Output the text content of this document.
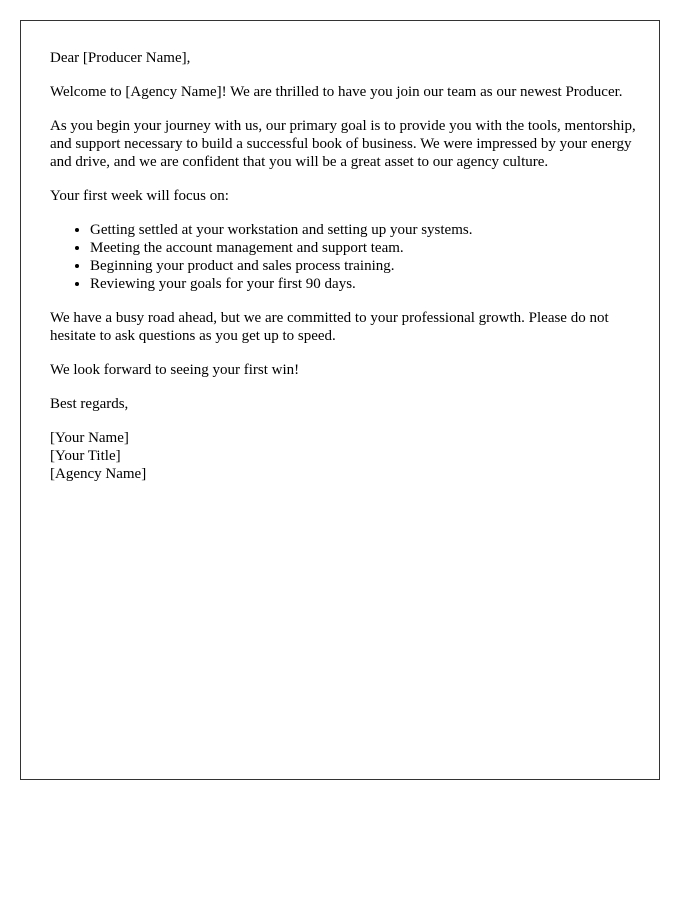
Dear [Producer Name],

Welcome to [Agency Name]! We are thrilled to have you join our team as our newest Producer.

As you begin your journey with us, our primary goal is to provide you with the tools, mentorship, and support necessary to build a successful book of business. We were impressed by your energy and drive, and we are confident that you will be a great asset to our agency culture.

Your first week will focus on:

• Getting settled at your workstation and setting up your systems.
• Meeting the account management and support team.
• Beginning your product and sales process training.
• Reviewing your goals for your first 90 days.

We have a busy road ahead, but we are committed to your professional growth. Please do not hesitate to ask questions as you get up to speed.

We look forward to seeing your first win!

Best regards,

[Your Name]
[Your Title]
[Agency Name]
